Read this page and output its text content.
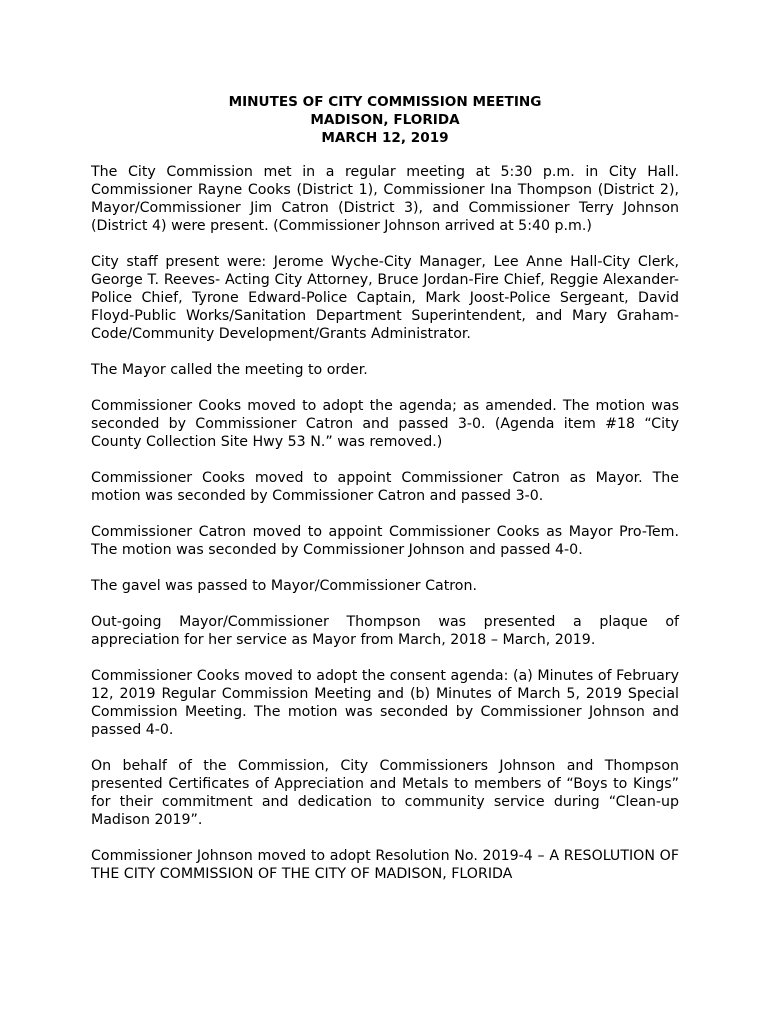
MINUTES OF CITY COMMISSION MEETING
MADISON, FLORIDA
MARCH 12, 2019

The City Commission met in a regular meeting at 5:30 p.m. in City Hall. Commissioner Rayne Cooks (District 1), Commissioner Ina Thompson (District 2), Mayor/Commissioner Jim Catron (District 3), and Commissioner Terry Johnson (District 4) were present. (Commissioner Johnson arrived at 5:40 p.m.)

City staff present were: Jerome Wyche-City Manager, Lee Anne Hall-City Clerk, George T. Reeves- Acting City Attorney, Bruce Jordan-Fire Chief, Reggie Alexander-Police Chief, Tyrone Edward-Police Captain, Mark Joost-Police Sergeant, David Floyd-Public Works/Sanitation Department Superintendent, and Mary Graham-Code/Community Development/Grants Administrator.

The Mayor called the meeting to order.

Commissioner Cooks moved to adopt the agenda; as amended. The motion was seconded by Commissioner Catron and passed 3-0. (Agenda item #18 “City County Collection Site Hwy 53 N.” was removed.)

Commissioner Cooks moved to appoint Commissioner Catron as Mayor. The motion was seconded by Commissioner Catron and passed 3-0.

Commissioner Catron moved to appoint Commissioner Cooks as Mayor Pro-Tem. The motion was seconded by Commissioner Johnson and passed 4-0.

The gavel was passed to Mayor/Commissioner Catron.

Out-going Mayor/Commissioner Thompson was presented a plaque of appreciation for her service as Mayor from March, 2018 – March, 2019.

Commissioner Cooks moved to adopt the consent agenda: (a) Minutes of February 12, 2019 Regular Commission Meeting and (b) Minutes of March 5, 2019 Special Commission Meeting. The motion was seconded by Commissioner Johnson and passed 4-0.

On behalf of the Commission, City Commissioners Johnson and Thompson presented Certificates of Appreciation and Metals to members of “Boys to Kings” for their commitment and dedication to community service during “Clean-up Madison 2019”.

Commissioner Johnson moved to adopt Resolution No. 2019-4 – A RESOLUTION OF THE CITY COMMISSION OF THE CITY OF MADISON, FLORIDA
